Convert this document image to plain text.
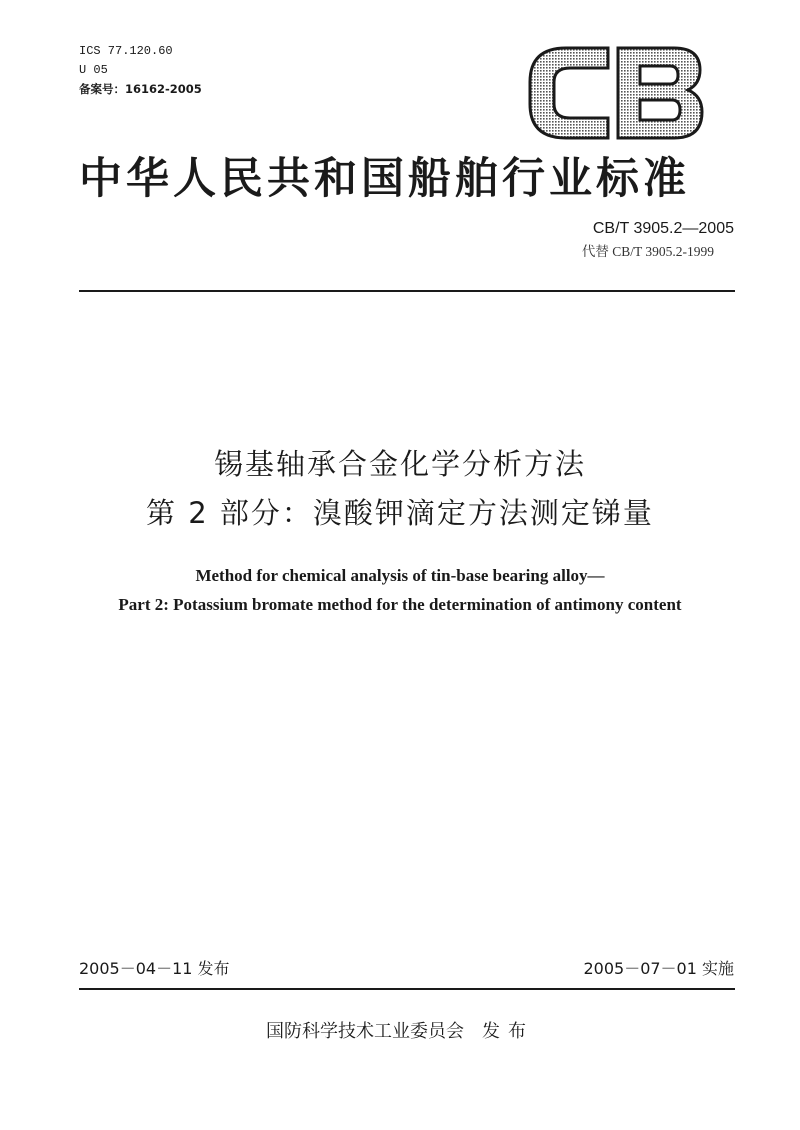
ICS 77.120.60
U 05
备案号：16162-2005
CB
中华人民共和国船舶行业标准
CB/T 3905.2—2005
代替 CB/T 3905.2-1999
锡基轴承合金化学分析方法
第 2 部分：溴酸钾滴定方法测定锑量
Method for chemical analysis of tin-base bearing alloy—
Part 2: Potassium bromate method for the determination of antimony content
2005－04－11 发布	2005－07－01 实施
国防科学技术工业委员会 发布
